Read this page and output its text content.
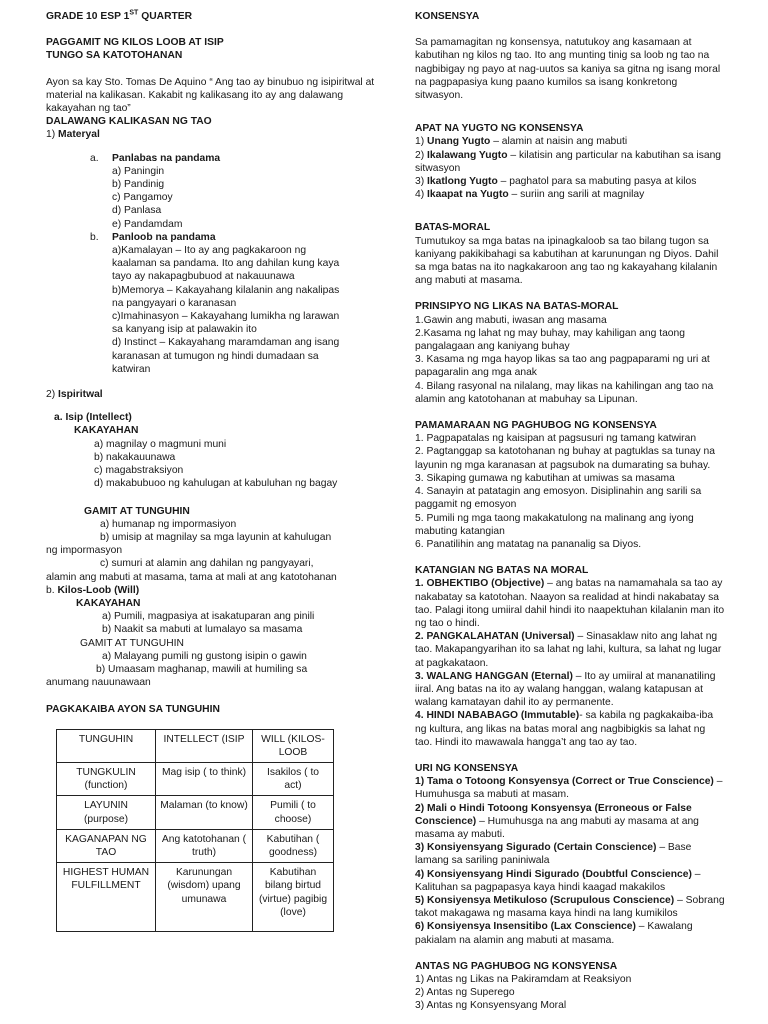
GRADE 10 ESP 1ST QUARTER

PAGGAMIT NG KILOS LOOB AT ISIP

TUNGO SA KATOTOHANAN

Ayon sa kay Sto. Tomas De Aquino “ Ang tao ay binubuo ng isipiritwal at material na kalikasan. Kakabit ng kalikasang ito ay ang dalawang kakayahan ng tao”

DALAWANG KALIKASAN NG TAO

1) Materyal

a. Panlabas na pandama

a) Paningin

b) Pandinig

c) Pangamoy

d) Panlasa

e) Pandamdam

b. Panloob na pandama

a)Kamalayan – Ito ay ang pagkakaroon ng kaalaman sa pandama. Ito ang dahilan kung kaya tayo ay nakapagbubuod at nakauunawa

b)Memorya – Kakayahang kilalanin ang nakalipas na pangyayari o karanasan

c)Imahinasyon – Kakayahang lumikha ng larawan sa kanyang isip at palawakin ito

d) Instinct – Kakayahang maramdaman ang isang karanasan at tumugon ng hindi dumadaan sa katwiran

2) Ispiritwal

a. Isip (Intellect)

KAKAYAHAN

a) magnilay o magmuni muni

b) nakakauunawa

c) magabstraksiyon

d) makabubuoo ng kahulugan at kabuluhan ng bagay

GAMIT AT TUNGUHIN

a) humanap ng impormasiyon

b) umisip at magnilay sa mga layunin at kahulugan

ng impormasyon

c) sumuri at alamin ang dahilan ng pangyayari,

alamin ang mabuti at masama, tama at mali at ang katotohanan

b. Kilos-Loob (Will)

KAKAYAHAN

a) Pumili, magpasiya at isakatuparan ang pinili

b) Naakit sa mabuti at lumalayo sa masama

GAMIT AT TUNGUHIN

a) Malayang pumili ng gustong isipin o gawin

b) Umaasam maghanap, mawili at humiling sa

anumang nauunawaan

PAGKAKAIBA AYON SA TUNGUHIN

TUNGUHIN	INTELLECT (ISIP	WILL (KILOS-LOOB
TUNGKULIN (function)	Mag isip ( to think)	Isakilos ( to act)
LAYUNIN (purpose)	Malaman (to know)	Pumili ( to choose)
KAGANAPAN NG TAO	Ang katotohanan ( truth)	Kabutihan ( goodness)
HIGHEST HUMAN FULFILLMENT	Karunungan (wisdom) upang umunawa	Kabutihan bilang birtud (virtue) pagibig (love)

KONSENSYA

Sa pamamagitan ng konsensya, natutukoy ang kasamaan at kabutihan ng kilos ng tao. Ito ang munting tinig sa loob ng tao na nagbibigay ng payo at nag-uutos sa kaniya sa gitna ng isang moral na pagpapasiya kung paano kumilos sa isang konkretong sitwasyon.

APAT NA YUGTO NG KONSENSYA

1) Unang Yugto – alamin at naisin ang mabuti

2) Ikalawang Yugto – kilatisin ang particular na kabutihan sa isang sitwasyon

3) Ikatlong Yugto – paghatol para sa mabuting pasya at kilos

4) Ikaapat na Yugto – suriin ang sarili at magnilay

BATAS-MORAL

Tumutukoy sa mga batas na ipinagkaloob sa tao bilang tugon sa kaniyang pakikibahagi sa kabutihan at karunungan ng Diyos. Dahil sa mga batas na ito nagkakaroon ang tao ng kakayahang kilalanin ang mabuti at masama.

PRINSIPYO NG LIKAS NA BATAS-MORAL

1.Gawin ang mabuti, iwasan ang masama

2.Kasama ng lahat ng may buhay, may kahiligan ang taong pangalagaan ang kaniyang buhay

3. Kasama ng mga hayop likas sa tao ang pagpaparami ng uri at papagaralin ang mga anak

4. Bilang rasyonal na nilalang, may likas na kahilingan ang tao na alamin ang katotohanan at mabuhay sa Lipunan.

PAMAMARAAN NG PAGHUBOG NG KONSENSYA

1. Pagpapatalas ng kaisipan at pagsusuri ng tamang katwiran

2. Pagtanggap sa katotohanan ng buhay at pagtuklas sa tunay na layunin ng mga karanasan at pagsubok na dumarating sa buhay.

3. Sikaping gumawa ng kabutihan at umiwas sa masama

4. Sanayin at patatagin ang emosyon. Disiplinahin ang sarili sa paggamit ng emosyon

5. Pumili ng mga taong makakatulong na malinang ang iyong mabuting katangian

6. Panatilihin ang matatag na pananalig sa Diyos.

KATANGIAN NG BATAS NA MORAL

1. OBHEKTIBO (Objective) – ang batas na namamahala sa tao ay nakabatay sa katotohan. Naayon sa realidad at hindi nakabatay sa tao. Palagi itong umiiral dahil hindi ito naapektuhan kilalanin man ito ng tao o hindi.

2. PANGKALAHATAN (Universal) – Sinasaklaw nito ang lahat ng tao. Makapangyarihan ito sa lahat ng lahi, kultura, sa lahat ng lugar at pagkakataon.

3. WALANG HANGGAN (Eternal) – Ito ay umiiral at mananatiling iiral. Ang batas na ito ay walang hanggan, walang katapusan at walang kamatayan dahil ito ay permanente.

4. HINDI NABABAGO (Immutable)- sa kabila ng pagkakaiba-iba ng kultura, ang likas na batas moral ang nagbibigkis sa lahat ng tao. Hindi ito mawawala hangga’t ang tao ay tao.

URI NG KONSENSYA

1) Tama o Totoong Konsyensya (Correct or True Conscience) – Humuhusga sa mabuti at masam.

2) Mali o Hindi Totoong Konsyensya (Erroneous or False Conscience) – Humuhusga na ang mabuti ay masama at ang masama ay mabuti.

3) Konsiyensyang Sigurado (Certain Conscience) – Base lamang sa sariling paniniwala

4) Konsiyensyang Hindi Sigurado (Doubtful Conscience) – Kalituhan sa pagpapasya kaya hindi kaagad makakilos

5) Konsiyensya Metikuloso (Scrupulous Conscience) – Sobrang takot makagawa ng masama kaya hindi na lang kumikilos

6) Konsiyensya Insensitibo (Lax Conscience) – Kawalang pakialam na alamin ang mabuti at masama.

ANTAS NG PAGHUBOG NG KONSYENSA

1) Antas ng Likas na Pakiramdam at Reaksiyon

2) Antas ng Superego

3) Antas ng Konsyensyang Moral
